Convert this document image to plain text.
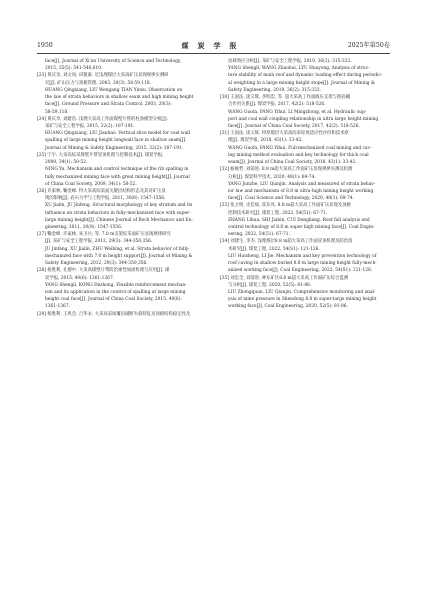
1950	煤炭学报	2025年第50卷
face[J]. Journal of Xi'an University of Science and Technology,
2015, 35(5): 541-546,610.
[23] 黄庆享, 刘文岗, 田银素. 近浅埋煤层大采高矿压显现规律实测研
究[J]. 矿山压力与顶板管理, 2003, 20(3): 58-59,118.
HUANG Qingxiang, LIU Wengang TIAN Yinsu. Observation on
the law of strata behaviors in shallow seam and high mining height
face[J]. Ground Pressure and Strata Control, 2003, 20(3):
58-59,118.
[24] 黄庆享, 刘建浩. 浅埋大采高工作面煤壁片帮的柱条模型分析[J].
采矿与安全工程学报, 2015, 32(2): 187-191.
HUANG Qingxiang, LIU Jianhao. Vertical slice model for coal wall
spalling of large mining height longwall face in shallow seam[J].
Journal of Mining & Safety Engineering, 2015, 32(2): 187-191.
[25] 宁宇. 大采高综采煤壁片帮冒顶机理与控制技术[J]. 煤炭学报,
2009, 34(1): 50-52.
NING Yu. Mechanism and control technique of the rib spalling in
fully mechanized mining face with great mining height[J]. Journal
of China Coal Society, 2009, 34(1): 50-52.
[26] 许家林, 鞠金峰. 特大采高综采面关键层结构形态及其对矿压显
现的影响[J]. 岩石力学与工程学报, 2011, 30(8): 1547-1556.
XU Jialin, JU Jinfeng. Structural morphology of key stratum and its
influence on strata behaviors in fully-mechanized face with super-
large mining height[J]. Chinese Journal of Rock Mechanics and En-
gineering, 2011, 30(8): 1547-1556.
[27] 鞠金峰, 许家林, 朱卫兵, 等. 7.0 m支架综采面矿压显现规律研究
[J]. 采矿与安全工程学报, 2012, 29(3): 344-350,356.
JU Jinfeng, XU Jialin, ZHU Weibing, et al. Strata behavior of fully-
mechanized face with 7.0 m height support[J]. Journal of Mining &
Safety Engineering, 2012, 29(3): 344-350,356.
[28] 杨胜利, 孔德中. 大采高煤壁片帮防治柔性加固机理与应用[J]. 煤
炭学报, 2015, 40(6): 1361-1367.
YANG Shengli, KONG Dezhong. Flexible reinforcement mechan-
ism and its application in the control of spalling at large mining
height coal face[J]. Journal of China Coal Society, 2015, 40(6):
1361-1367.
[29] 杨胜利, 王兆会, 吕华永. 大采高采场覆岩破断失稳特征及顶板结构稳定性及
动载效应分析[J]. 采矿与安全工程学报, 2019, 36(2): 315-322.
YANG Shengli, WANG Zhaohui, LYU Huayong. Analysis of struc-
ture stability of main roof and dynamic loading effect during periodic-
al weighting in a large mining height stope[J]. Journal of Mining &
Safety Engineering, 2019, 36(2): 315-322.
[30] 王国法, 庞义辉, 李明忠, 等. 超大采高工作面液压支架与围岩耦
合作用关系[J]. 煤炭学报, 2017, 42(2): 518-526.
WANG Guofa, PANG Yihui, LI Mingzhong, et al. Hydraulic sup-
port and coal wall coupling relationship in ultra large height mining
face[J]. Journal of China Coal Society, 2017, 42(2): 518-526.
[31] 王国法, 庞义辉. 特厚煤层大采高综采综放适应性评价和技术原
理[J]. 煤炭学报, 2018, 43(1): 33-42.
WANG Guofa, PANG Yihui. Full-mechanized coal mining and cav-
ing mining method evaluation and key technology for thick coal
seam[J]. Journal of China Coal Society, 2018, 43(1): 33-42.
[32] 杨俊哲, 刘前进. 8.8 m超大采高工作面矿压显现规律实测及机理
分析[J]. 煤炭科学技术, 2020, 48(1): 69-74.
YANG Junzhe, LIU Qianjin. Analysis and measured of strata behav-
ior law and mechanism of 8.8 m ultra-high mining height working
face[J]. Coal Science and Technology, 2020, 48(1): 69-74.
[33] 张之明, 史佳斌, 崔东亮. 8.8 m超大采高工作面矿压显现及顶板
控制技术研究[J]. 煤炭工程, 2022, 54(51): 67-71.
ZHANG Lihua, SHI Jiabin, CUI Dongliang. Roof fall analysis and
control technology of 8.8 m super high mining face[J]. Coal Engin-
eering, 2022, 54(51): 67-71.
[34] 刘建生, 李杰. 浅埋煤层8.8 m超大采高工作面冒顶机理及防治技
术研究[J]. 煤炭工程, 2022, 54(S1): 121-126.
LIU Huisheng, LI Jie. Mechanism and key prevention technology of
roof caving in shallow buried 8.8 m large mining height fully-mech-
anized working face[J]. Coal Engineering, 2022, 54(S1): 121-126.
[35] 刘忠全, 刘前进. 神东矿区8.8 m超大采高工作面矿压综合监测
与分析[J]. 煤炭工程, 2020, 52(5): 81-86.
LIU Zhongquan, LIU Qianjin. Comprehensive monitoring and anal-
ysis of mine pressure in Shendong 8.8 m super-large mining height
working face[J]. Coal Engineering, 2020, 52(5): 81-86.
